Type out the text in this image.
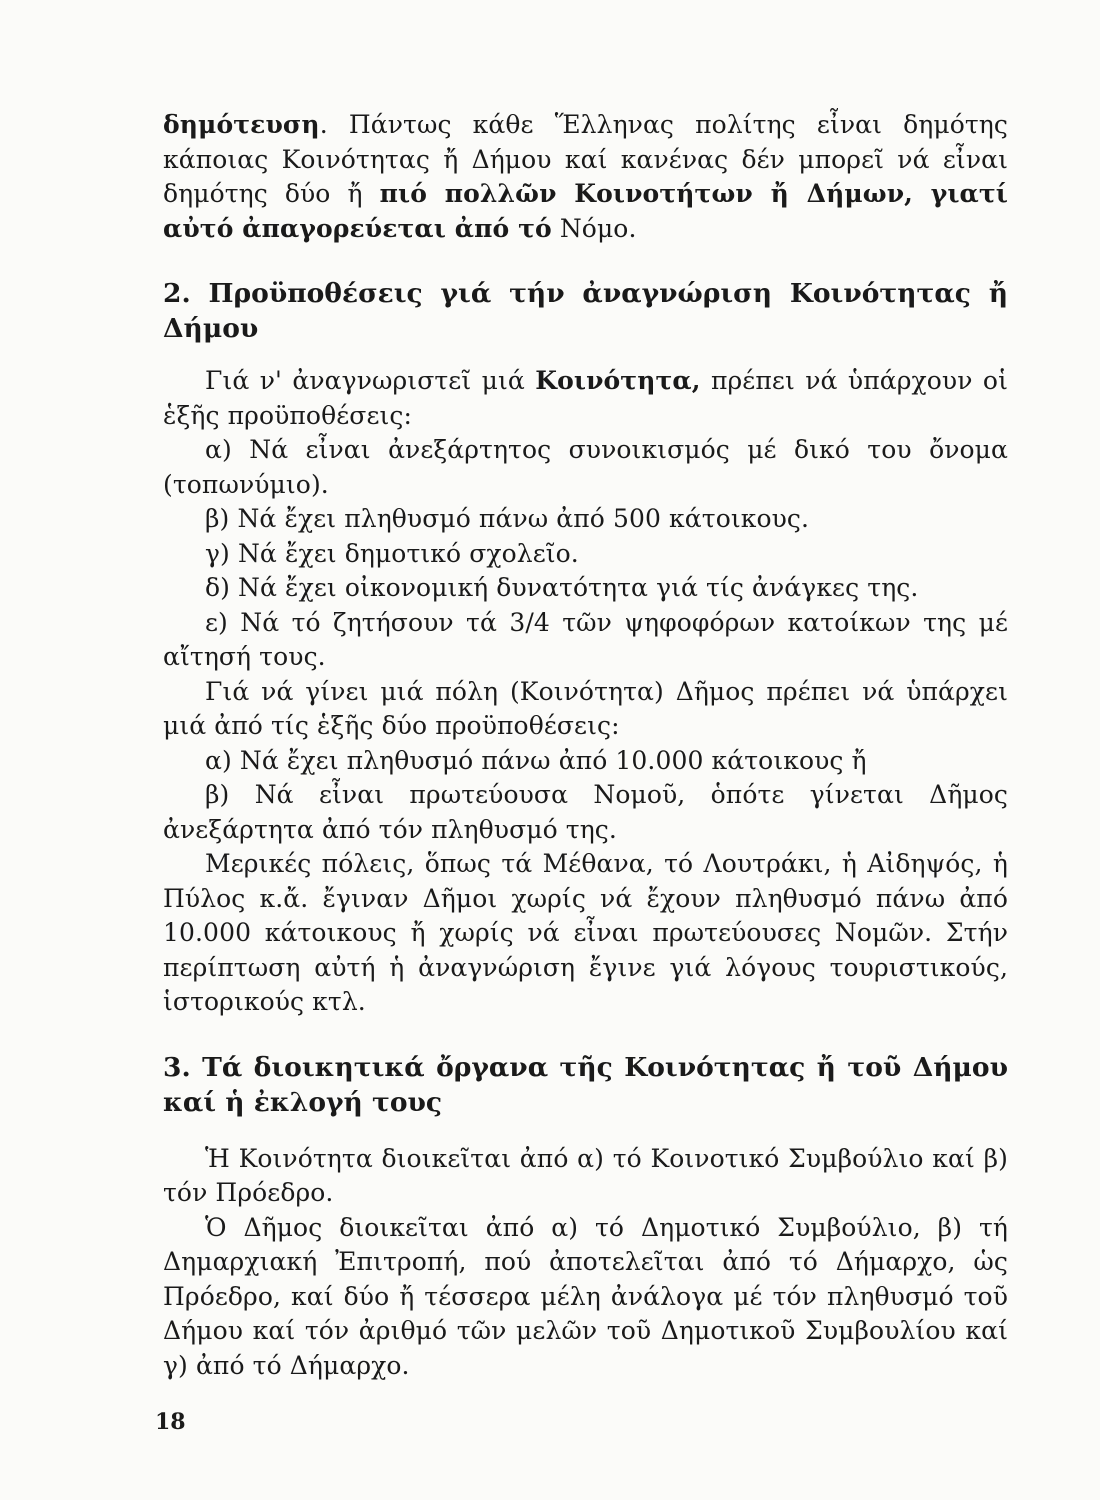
δημότευση. Πάντως κάθε Ἕλληνας πολίτης εἶναι δημότης κάποιας Κοινότητας ἤ Δήμου καί κανένας δέν μπορεῖ νά εἶναι δημότης δύο ἤ πιό πολλῶν Κοινοτήτων ἤ Δήμων, γιατί αὐτό ἀπαγορεύεται ἀπό τό Νόμο.

2. Προϋποθέσεις γιά τήν ἀναγνώριση Κοινότητας ἤ Δήμου

Γιά ν' ἀναγνωριστεῖ μιά Κοινότητα, πρέπει νά ὑπάρχουν οἱ ἑξῆς προϋποθέσεις:

α) Νά εἶναι ἀνεξάρτητος συνοικισμός μέ δικό του ὄνομα (τοπωνύμιο).

β) Νά ἔχει πληθυσμό πάνω ἀπό 500 κάτοικους.

γ) Νά ἔχει δημοτικό σχολεῖο.

δ) Νά ἔχει οἰκονομική δυνατότητα γιά τίς ἀνάγκες της.

ε) Νά τό ζητήσουν τά 3/4 τῶν ψηφοφόρων κατοίκων της μέ αἴτησή τους.

Γιά νά γίνει μιά πόλη (Κοινότητα) Δῆμος πρέπει νά ὑπάρχει μιά ἀπό τίς ἑξῆς δύο προϋποθέσεις:

α) Νά ἔχει πληθυσμό πάνω ἀπό 10.000 κάτοικους ἤ

β) Νά εἶναι πρωτεύουσα Νομοῦ, ὁπότε γίνεται Δῆμος ἀνεξάρτητα ἀπό τόν πληθυσμό της.

Μερικές πόλεις, ὅπως τά Μέθανα, τό Λουτράκι, ἡ Αἰδηψός, ἡ Πύλος κ.ἄ. ἔγιναν Δῆμοι χωρίς νά ἔχουν πληθυσμό πάνω ἀπό 10.000 κάτοικους ἤ χωρίς νά εἶναι πρωτεύουσες Νομῶν. Στήν περίπτωση αὐτή ἡ ἀναγνώριση ἔγινε γιά λόγους τουριστικούς, ἱστορικούς κτλ.

3. Τά διοικητικά ὄργανα τῆς Κοινότητας ἤ τοῦ Δήμου καί ἡ ἐκλογή τους

Ἡ Κοινότητα διοικεῖται ἀπό α) τό Κοινοτικό Συμβούλιο καί β) τόν Πρόεδρο.

Ὁ Δῆμος διοικεῖται ἀπό α) τό Δημοτικό Συμβούλιο, β) τή Δημαρχιακή Ἐπιτροπή, πού ἀποτελεῖται ἀπό τό Δήμαρχο, ὡς Πρόεδρο, καί δύο ἤ τέσσερα μέλη ἀνάλογα μέ τόν πληθυσμό τοῦ Δήμου καί τόν ἀριθμό τῶν μελῶν τοῦ Δημοτικοῦ Συμβουλίου καί γ) ἀπό τό Δήμαρχο.

18
